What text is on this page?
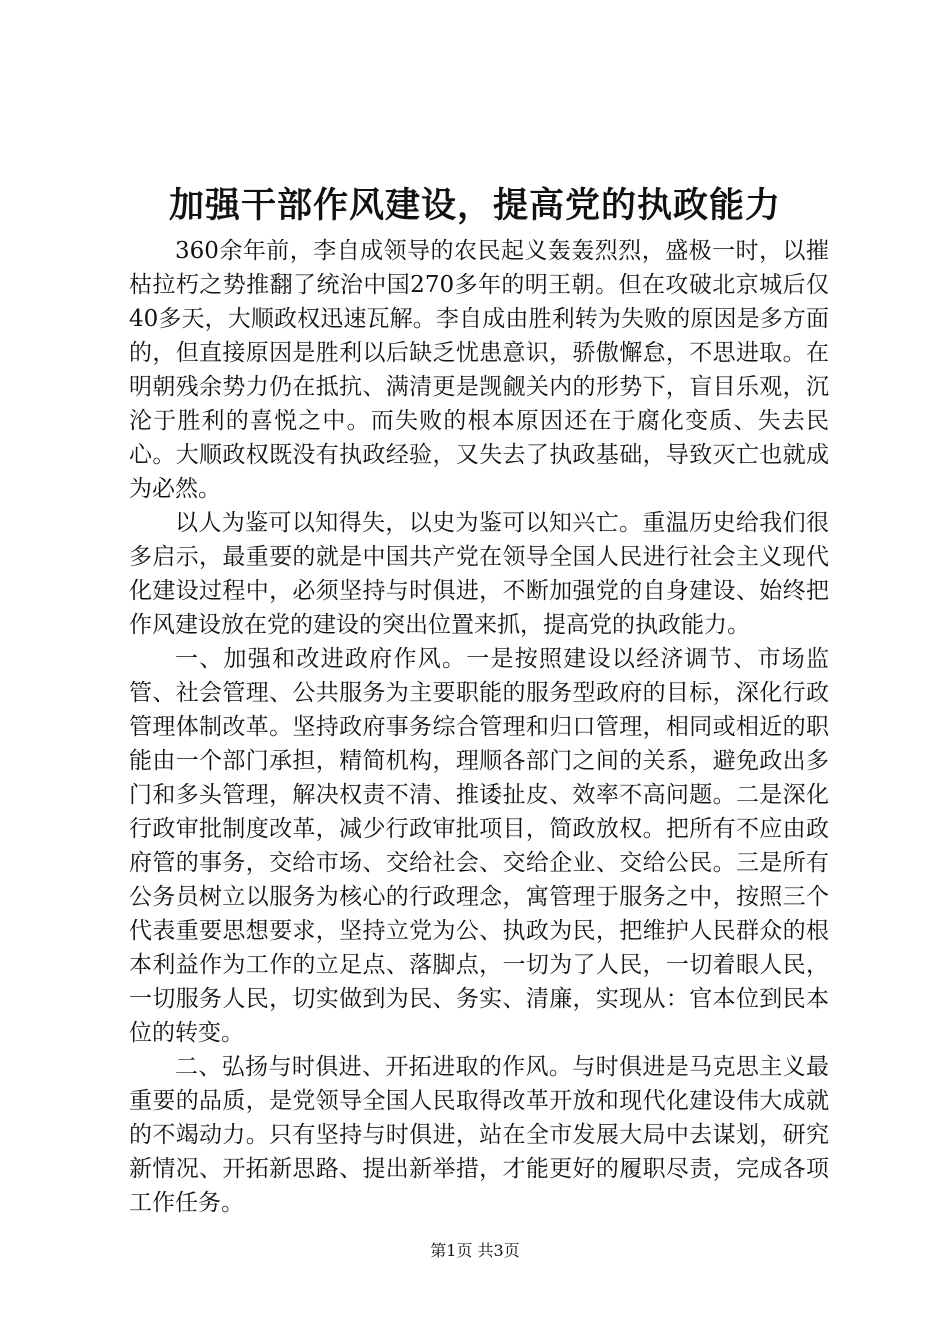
加强干部作风建设，提高党的执政能力

360余年前，李自成领导的农民起义轰轰烈烈，盛极一时，以摧枯拉朽之势推翻了统治中国270多年的明王朝。但在攻破北京城后仅40多天，大顺政权迅速瓦解。李自成由胜利转为失败的原因是多方面的，但直接原因是胜利以后缺乏忧患意识，骄傲懈怠，不思进取。在明朝残余势力仍在抵抗、满清更是觊觎关内的形势下，盲目乐观，沉沦于胜利的喜悦之中。而失败的根本原因还在于腐化变质、失去民心。大顺政权既没有执政经验，又失去了执政基础，导致灭亡也就成为必然。

以人为鉴可以知得失，以史为鉴可以知兴亡。重温历史给我们很多启示，最重要的就是中国共产党在领导全国人民进行社会主义现代化建设过程中，必须坚持与时俱进，不断加强党的自身建设、始终把作风建设放在党的建设的突出位置来抓，提高党的执政能力。

一、加强和改进政府作风。一是按照建设以经济调节、市场监管、社会管理、公共服务为主要职能的服务型政府的目标，深化行政管理体制改革。坚持政府事务综合管理和归口管理，相同或相近的职能由一个部门承担，精简机构，理顺各部门之间的关系，避免政出多门和多头管理，解决权责不清、推诿扯皮、效率不高问题。二是深化行政审批制度改革，减少行政审批项目，简政放权。把所有不应由政府管的事务，交给市场、交给社会、交给企业、交给公民。三是所有公务员树立以服务为核心的行政理念，寓管理于服务之中，按照三个代表重要思想要求，坚持立党为公、执政为民，把维护人民群众的根本利益作为工作的立足点、落脚点，一切为了人民，一切着眼人民，一切服务人民，切实做到为民、务实、清廉，实现从：官本位到民本位的转变。

二、弘扬与时俱进、开拓进取的作风。与时俱进是马克思主义最重要的品质，是党领导全国人民取得改革开放和现代化建设伟大成就的不竭动力。只有坚持与时俱进，站在全市发展大局中去谋划，研究新情况、开拓新思路、提出新举措，才能更好的履职尽责，完成各项工作任务。

第1页 共3页
